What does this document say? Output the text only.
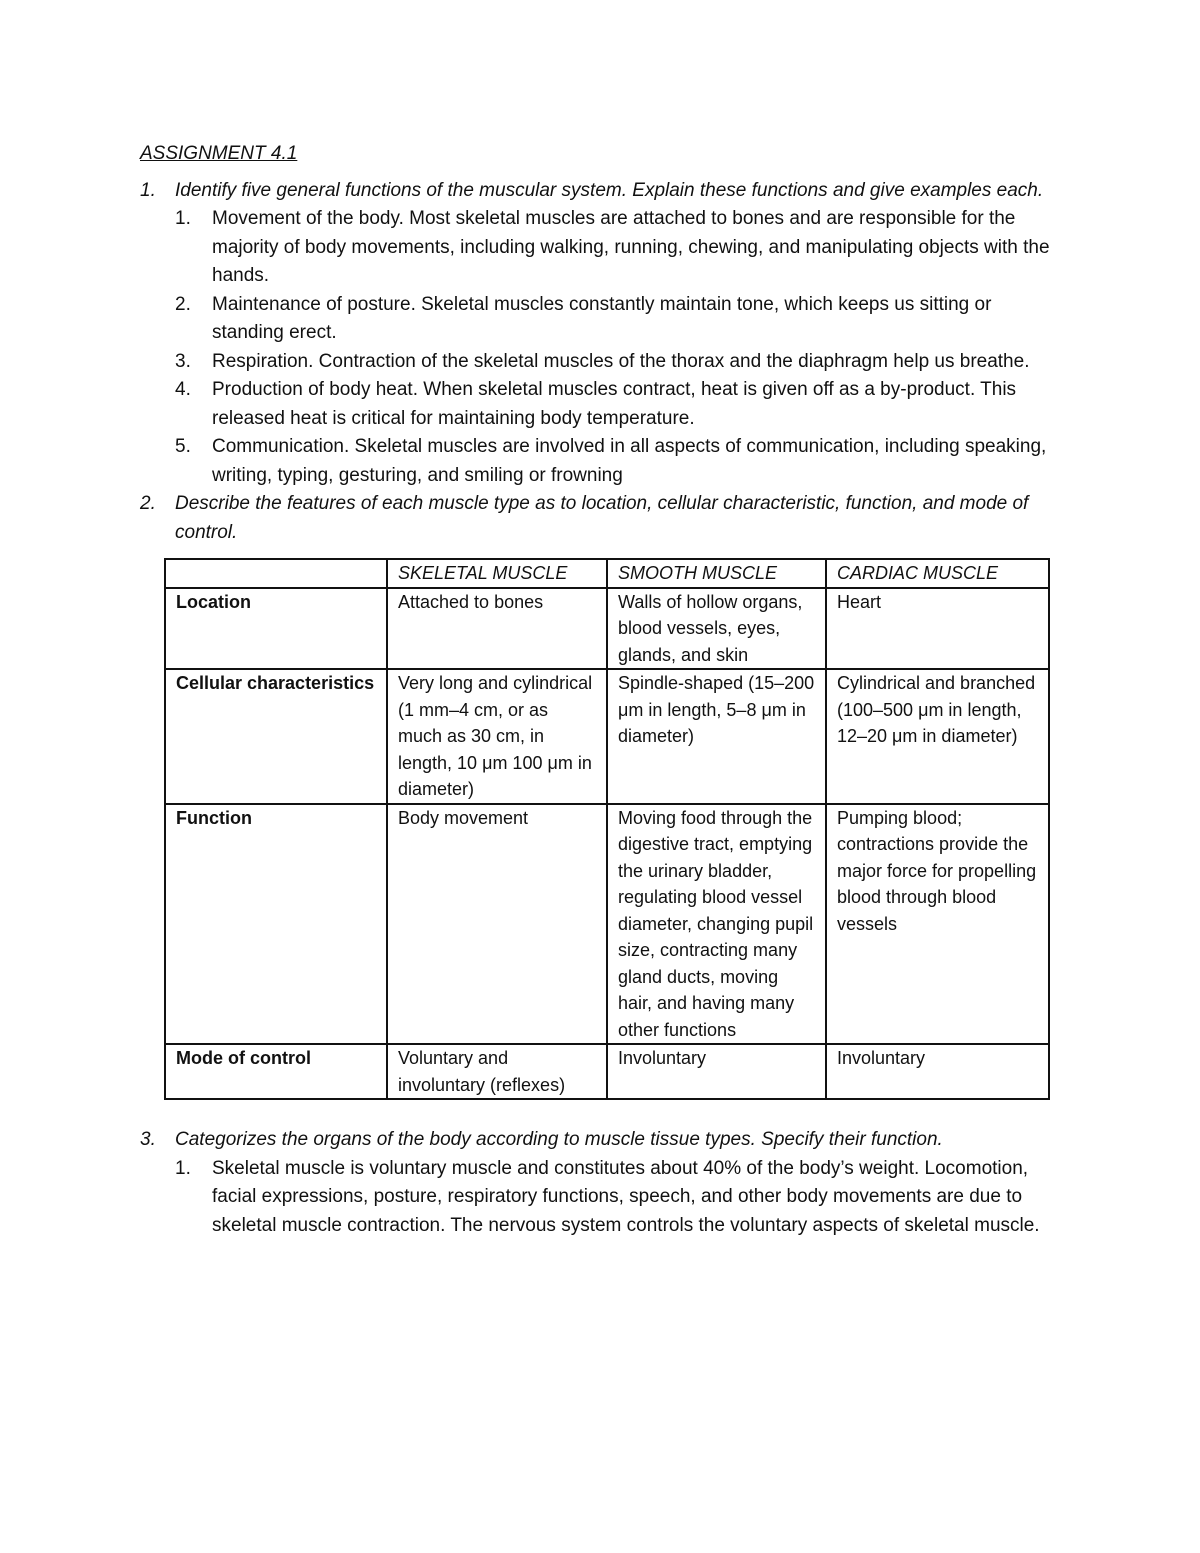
ASSIGNMENT 4.1
1.	Identify five general functions of the muscular system. Explain these functions and give examples each.
1.	Movement of the body. Most skeletal muscles are attached to bones and are responsible for the majority of body movements, including walking, running, chewing, and manipulating objects with the hands.
2.	Maintenance of posture. Skeletal muscles constantly maintain tone, which keeps us sitting or standing erect.
3.	Respiration. Contraction of the skeletal muscles of the thorax and the diaphragm help us breathe.
4.	Production of body heat. When skeletal muscles contract, heat is given off as a by-product. This released heat is critical for maintaining body temperature.
5.	Communication. Skeletal muscles are involved in all aspects of communication, including speaking, writing, typing, gesturing, and smiling or frowning
2.	Describe the features of each muscle type as to location, cellular characteristic, function, and mode of control.
	SKELETAL MUSCLE	SMOOTH MUSCLE	CARDIAC MUSCLE
Location	Attached to bones	Walls of hollow organs, blood vessels, eyes, glands, and skin	Heart
Cellular characteristics	Very long and cylindrical (1 mm–4 cm, or as much as 30 cm, in length, 10 μm 100 μm in diameter)	Spindle-shaped (15–200 μm in length, 5–8 μm in diameter)	Cylindrical and branched (100–500 μm in length, 12–20 μm in diameter)
Function	Body movement	Moving food through the digestive tract, emptying the urinary bladder, regulating blood vessel diameter, changing pupil size, contracting many gland ducts, moving hair, and having many other functions	Pumping blood; contractions provide the major force for propelling blood through blood vessels
Mode of control	Voluntary and involuntary (reflexes)	Involuntary	Involuntary
3.	Categorizes the organs of the body according to muscle tissue types. Specify their function.
1.	Skeletal muscle is voluntary muscle and constitutes about 40% of the body’s weight. Locomotion, facial expressions, posture, respiratory functions, speech, and other body movements are due to skeletal muscle contraction. The nervous system controls the voluntary aspects of skeletal muscle.
